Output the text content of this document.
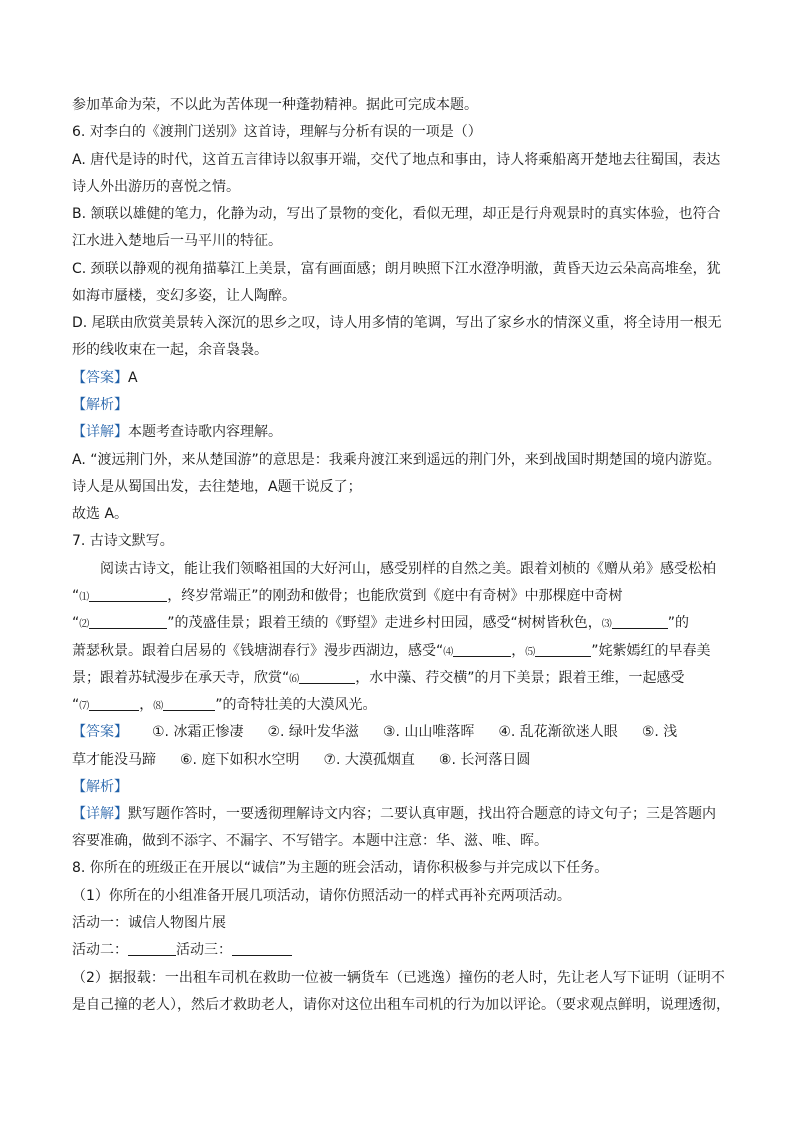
参加革命为荣，不以此为苦体现一种蓬勃精神。据此可完成本题。
6. 对李白的《渡荆门送别》这首诗，理解与分析有误的一项是（）
A. 唐代是诗的时代，这首五言律诗以叙事开端，交代了地点和事由，诗人将乘船离开楚地去往蜀国，表达
诗人外出游历的喜悦之情。
B. 颔联以雄健的笔力，化静为动，写出了景物的变化，看似无理，却正是行舟观景时的真实体验，也符合
江水进入楚地后一马平川的特征。
C. 颈联以静观的视角描摹江上美景，富有画面感；朗月映照下江水澄净明澈，黄昏天边云朵高高堆垒，犹
如海市蜃楼，变幻多姿，让人陶醉。
D. 尾联由欣赏美景转入深沉的思乡之叹，诗人用多情的笔调，写出了家乡水的情深义重，将全诗用一根无
形的线收束在一起，余音袅袅。
【答案】A
【解析】
【详解】本题考查诗歌内容理解。
A. “渡远荆门外，来从楚国游”的意思是：我乘舟渡江来到遥远的荆门外，来到战国时期楚国的境内游览。
诗人是从蜀国出发，去往楚地，A题干说反了；
故选 A。
7. 古诗文默写。
阅读古诗文，能让我们领略祖国的大好河山，感受别样的自然之美。跟着刘桢的《赠从弟》感受松柏
“⑴	，终岁常端正”的刚劲和傲骨；也能欣赏到《庭中有奇树》中那棵庭中奇树
“⑵	”的茂盛佳景；跟着王绩的《野望》走进乡村田园，感受“树树皆秋色，⑶	”的
萧瑟秋景。跟着白居易的《钱塘湖春行》漫步西湖边，感受“⑷	，⑸	”姹紫嫣红的早春美
景；跟着苏轼漫步在承天寺，欣赏“⑹	，水中藻、荇交横”的月下美景；跟着王维，一起感受
“⑺	，⑻	”的奇特壮美的大漠风光。
【答案】 ①. 冰霜正惨凄 ②. 绿叶发华滋 ③. 山山唯落晖 ④. 乱花渐欲迷人眼 ⑤. 浅
草才能没马蹄 ⑥. 庭下如积水空明 ⑦. 大漠孤烟直 ⑧. 长河落日圆
【解析】
【详解】默写题作答时，一要透彻理解诗文内容；二要认真审题，找出符合题意的诗文句子；三是答题内
容要准确，做到不添字、不漏字、不写错字。本题中注意：华、滋、唯、晖。
8. 你所在的班级正在开展以“诚信”为主题的班会活动，请你积极参与并完成以下任务。
（1）你所在的小组准备开展几项活动，请你仿照活动一的样式再补充两项活动。
活动一：诚信人物图片展
活动二：	活动三：
（2）据报载：一出租车司机在救助一位被一辆货车（已逃逸）撞伤的老人时，先让老人写下证明（证明不
是自己撞的老人），然后才救助老人，请你对这位出租车司机的行为加以评论。（要求观点鲜明，说理透彻，
